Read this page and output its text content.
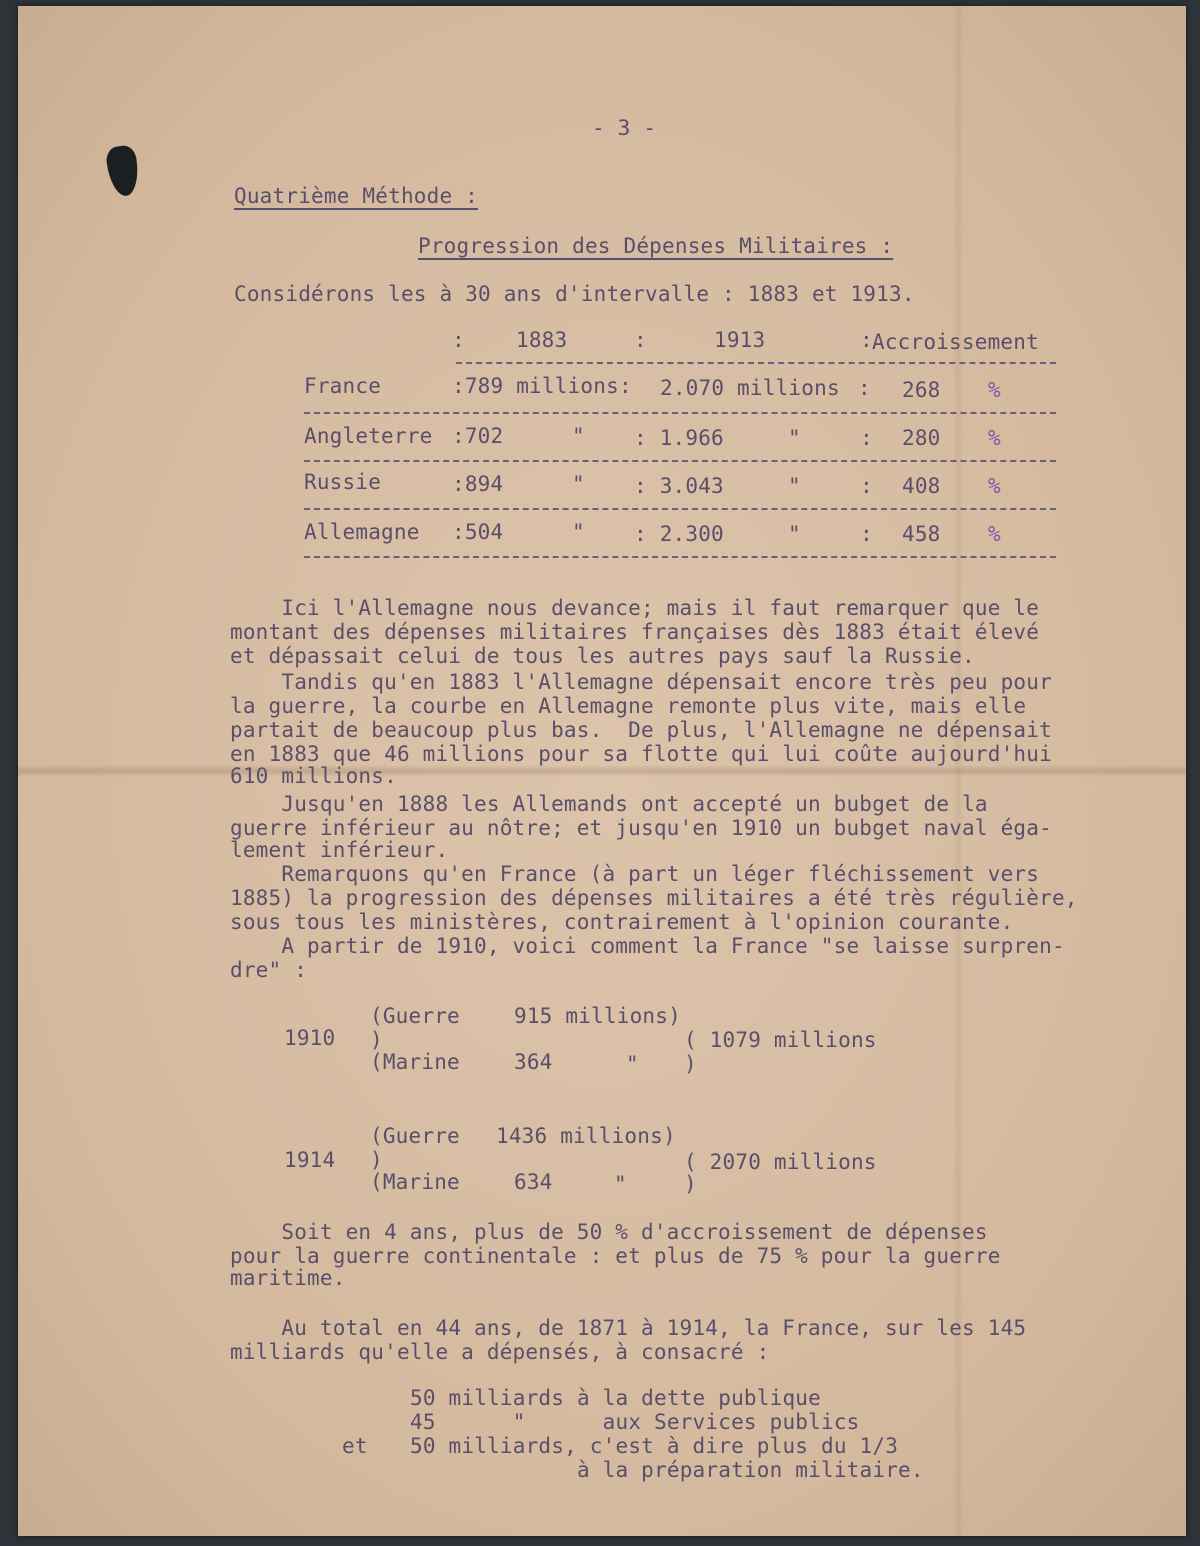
- 3 -
Quatrième Méthode :
Progression des Dépenses Militaires :
Considérons les à 30 ans d'intervalle : 1883 et 1913.
: 1883	:	1913	: Accroissement
France	:789 millions: 2.070 millions : 268 %
Angleterre :702	" : 1.966	"	: 280 %
Russie	:894	" : 3.043	"	: 408 %
Allemagne :504	" : 2.300	"	: 458 %
Ici l'Allemagne nous devance; mais il faut remarquer que le
montant des dépenses militaires françaises dès 1883 était élevé
et dépassait celui de tous les autres pays sauf la Russie.
Tandis qu'en 1883 l'Allemagne dépensait encore très peu pour
la guerre, la courbe en Allemagne remonte plus vite, mais elle
partait de beaucoup plus bas.  De plus, l'Allemagne ne dépensait
en 1883 que 46 millions pour sa flotte qui lui coûte aujourd'hui
610 millions.
Jusqu'en 1888 les Allemands ont accepté un bubget de la
guerre inférieur au nôtre; et jusqu'en 1910 un bubget naval éga-
lement inférieur.
Remarquons qu'en France (à part un léger fléchissement vers
1885) la progression des dépenses militaires a été très régulière,
sous tous les ministères, contrairement à l'opinion courante.
A partir de 1910, voici comment la France "se laisse surpren-
dre" :
(Guerre	915 millions)
1910 )	( 1079 millions
(Marine	364	" )
(Guerre 1436 millions)
1914 )	( 2070 millions
(Marine	634	"	)
Soit en 4 ans, plus de 50 % d'accroissement de dépenses
pour la guerre continentale : et plus de 75 % pour la guerre
maritime.
Au total en 44 ans, de 1871 à 1914, la France, sur les 145
milliards qu'elle a dépensés, à consacré :
50 milliards à la dette publique
45      "      aux Services publics
et 50 milliards, c'est à dire plus du 1/3
à la préparation militaire.
